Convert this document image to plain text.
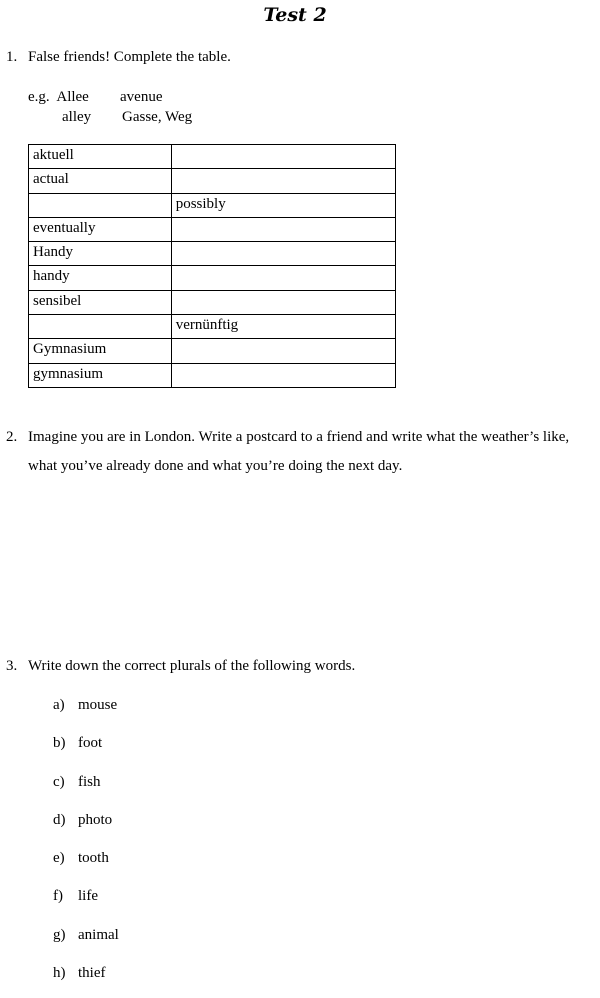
Test 2
1. False friends! Complete the table.
e.g. Allee	avenue
alley	Gasse, Weg
aktuell	
actual	
	possibly
eventually	
Handy	
handy	
sensibel	
	vernünftig
Gymnasium	
gymnasium	
2. Imagine you are in London. Write a postcard to a friend and write what the weather’s like, what you’ve already done and what you’re doing the next day.
3. Write down the correct plurals of the following words.
a) mouse
b) foot
c) fish
d) photo
e) tooth
f)	life
g) animal
h) thief
